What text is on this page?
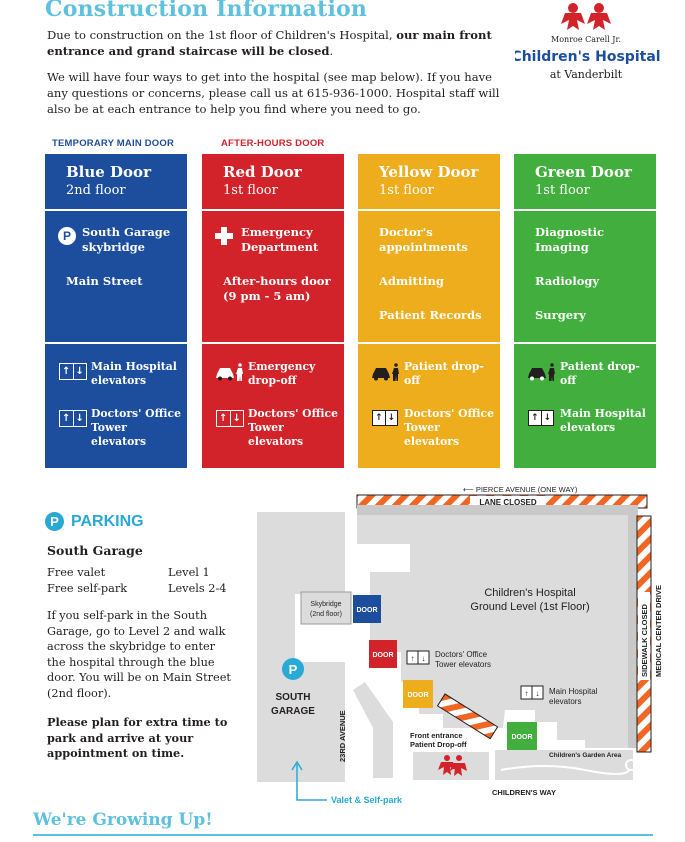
Construction Information
Monroe Carell Jr.
Children's Hospital
at Vanderbilt
Due to construction on the 1st floor of Children's Hospital, our main front entrance and grand staircase will be closed.
We will have four ways to get into the hospital (see map below). If you have any questions or concerns, please call us at 615-936-1000. Hospital staff will also be at each entrance to help you find where you need to go.
TEMPORARY MAIN DOOR	AFTER-HOURS DOOR
Blue Door
2nd floor
P South Garage skybridge
Main Street
↑ ↓ Main Hospital elevators
↑ ↓ Doctors' Office Tower elevators
Red Door
1st floor
Emergency Department
After-hours door (9 pm - 5 am)
Emergency drop-off
↑ ↓ Doctors' Office Tower elevators
Yellow Door
1st floor
Doctor's appointments
Admitting
Patient Records
Patient drop-off
↑ ↓ Doctors' Office Tower elevators
Green Door
1st floor
Diagnostic Imaging
Radiology
Surgery
Patient drop-off
↑ ↓ Main Hospital elevators
P PARKING
South Garage
Free valet	Level 1
Free self-park	Levels 2-4
If you self-park in the South Garage, go to Level 2 and walk across the skybridge to enter the hospital through the blue door. You will be on Main Street (2nd floor).
Please plan for extra time to park and arrive at your appointment on time.
⟵ PIERCE AVENUE (ONE WAY)
LANE CLOSED
SIDEWALK CLOSED MEDICAL CENTER DRIVE
P
SOUTH
GARAGE
Skybridge
(2nd floor)
DOOR
DOOR
DOOR
DOOR
Children's Hospital
Ground Level (1st Floor)
↑ ↓ Doctors' Office
Tower elevators
↑ ↓ Main Hospital
elevators
23RD AVENUE	Front entrance
Patient Drop-off
Children's Garden Area
CHILDREN'S WAY
Valet & Self-park
We're Growing Up!
